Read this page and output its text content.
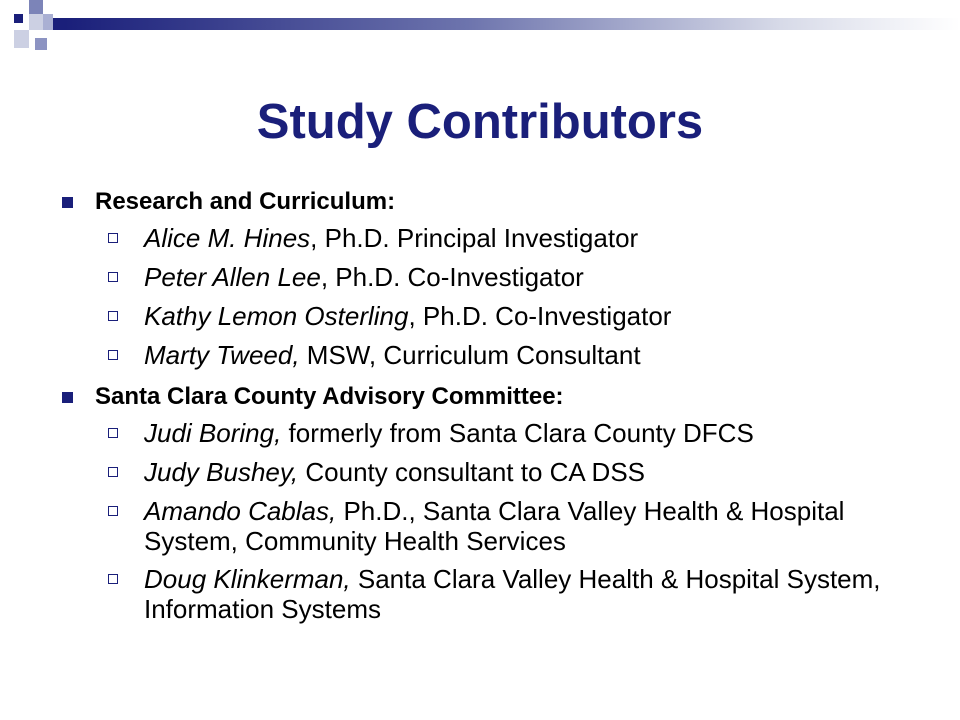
Study Contributors
Research and Curriculum:
Alice M. Hines, Ph.D. Principal Investigator
Peter Allen Lee, Ph.D. Co-Investigator
Kathy Lemon Osterling, Ph.D. Co-Investigator
Marty Tweed, MSW, Curriculum Consultant
Santa Clara County Advisory Committee:
Judi Boring, formerly from Santa Clara County DFCS
Judy Bushey, County consultant to CA DSS
Amando Cablas, Ph.D., Santa Clara Valley Health & Hospital System, Community Health Services
Doug Klinkerman, Santa Clara Valley Health & Hospital System, Information Systems
